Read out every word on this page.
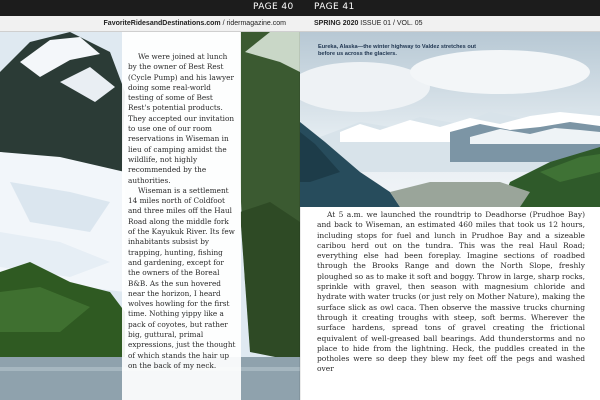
PAGE 40 PAGE 41
FavoriteRidesandDestinations.com / ridermagazine.com	SPRING 2020 ISSUE 01 / VOL. 05

We were joined at lunch by the owner of Best Rest (Cycle Pump) and his lawyer doing some real-world testing of some of Best Rest's potential products. They accepted our invitation to use one of our room reservations in Wiseman in lieu of camping amidst the wildlife, not highly recommended by the authorities.

Wiseman is a settlement 14 miles north of Coldfoot and three miles off the Haul Road along the middle fork of the Kayukuk River. Its few inhabitants subsist by trapping, hunting, fishing and gardening, except for the owners of the Boreal B&B. As the sun hovered near the horizon, I heard wolves howling for the first time. Nothing yippy like a pack of coyotes, but rather big, guttural, primal expressions, just the thought of which stands the hair up on the back of my neck.

Eureka, Alaska—the winter highway to Valdez stretches out before us across the glaciers.

At 5 a.m. we launched the roundtrip to Deadhorse (Prudhoe Bay) and back to Wiseman, an estimated 460 miles that took us 12 hours, including stops for fuel and lunch in Prudhoe Bay and a sizeable caribou herd out on the tundra. This was the real Haul Road; everything else had been foreplay. Imagine sections of roadbed through the Brooks Range and down the North Slope, freshly ploughed so as to make it soft and boggy. Throw in large, sharp rocks, sprinkle with gravel, then season with magnesium chloride and hydrate with water trucks (or just rely on Mother Nature), making the surface slick as owl caca. Then observe the massive trucks churning through it creating troughs with steep, soft berms. Wherever the surface hardens, spread tons of gravel creating the frictional equivalent of well-greased ball bearings. Add thunderstorms and no place to hide from the lightning. Heck, the puddles created in the potholes were so deep they blew my feet off the pegs and washed over
